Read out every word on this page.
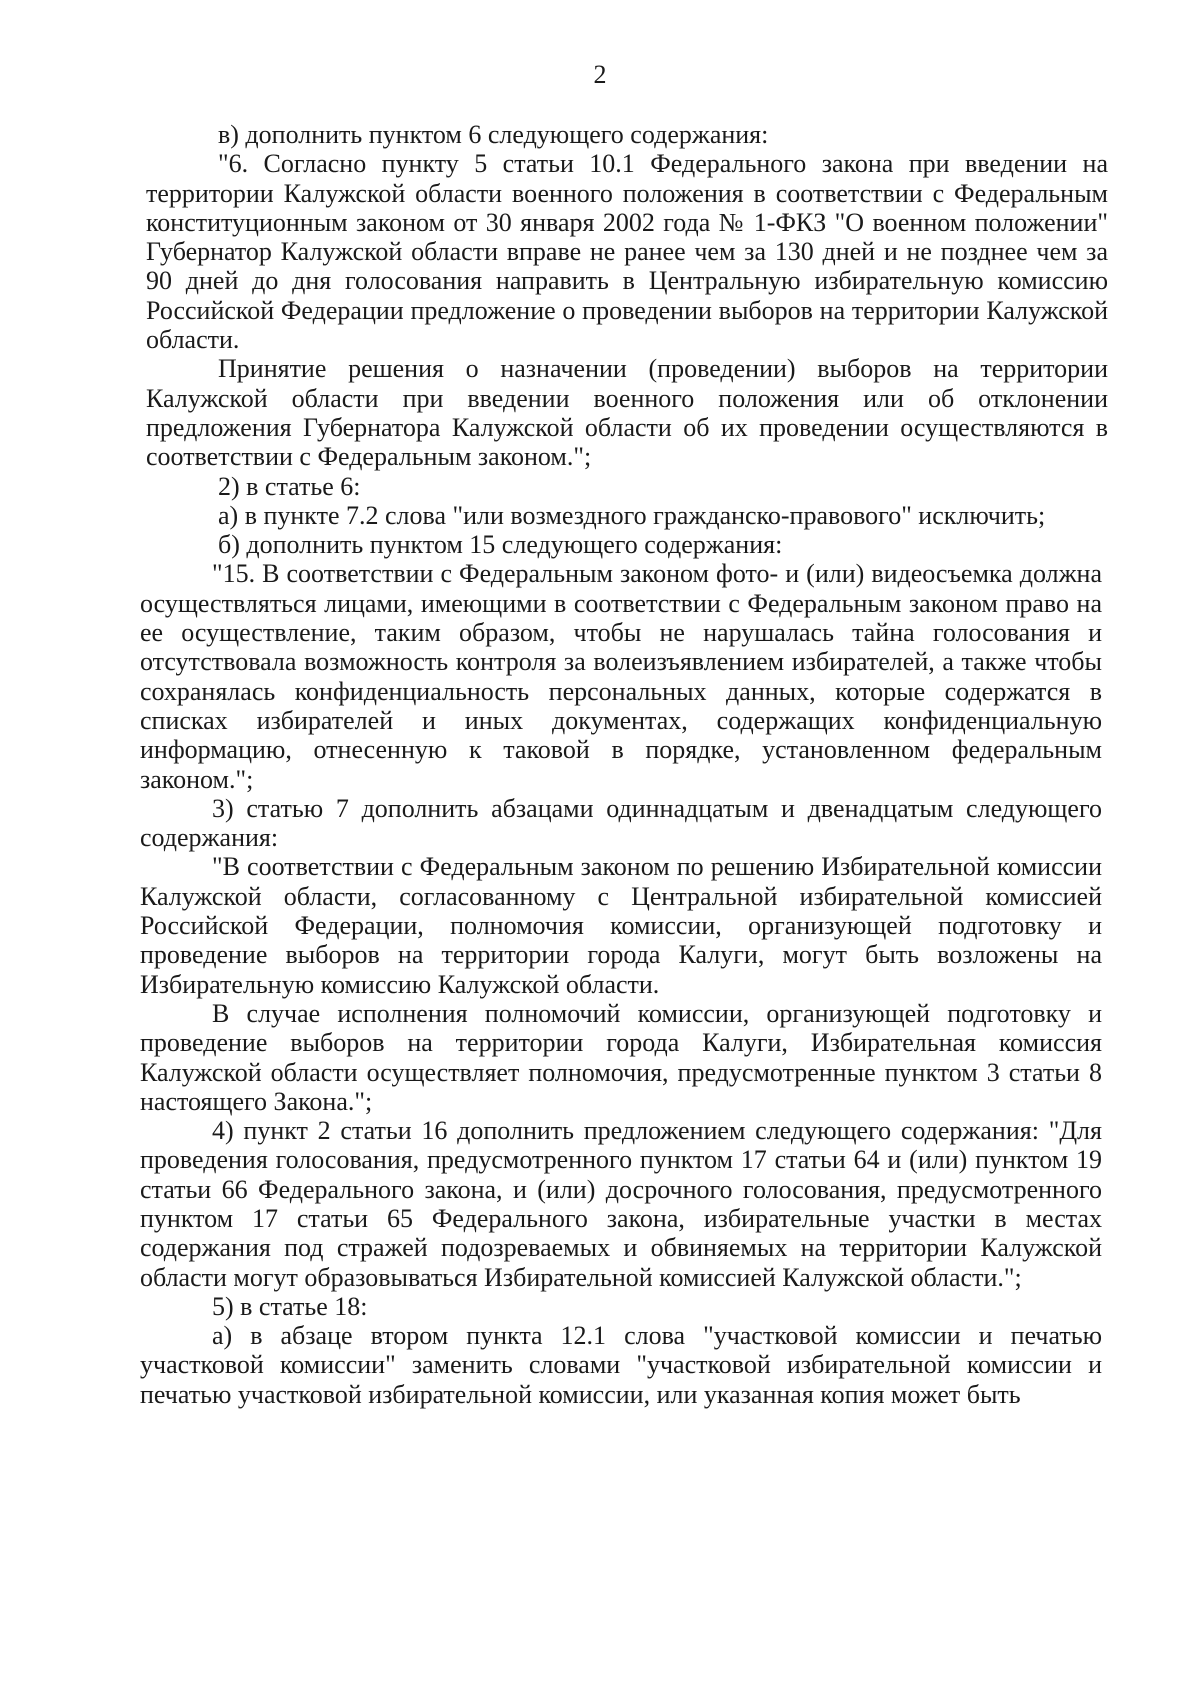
2

в) дополнить пунктом 6 следующего содержания:

"6. Согласно пункту 5 статьи 10.1 Федерального закона при введении на территории Калужской области военного положения в соответствии с Федеральным конституционным законом от 30 января 2002 года № 1-ФКЗ "О военном положении" Губернатор Калужской области вправе не ранее чем за 130 дней и не позднее чем за 90 дней до дня голосования направить в Центральную избирательную комиссию Российской Федерации предложение о проведении выборов на территории Калужской области.

Принятие решения о назначении (проведении) выборов на территории Калужской области при введении военного положения или об отклонении предложения Губернатора Калужской области об их проведении осуществляются в соответствии с Федеральным законом.";

2) в статье 6:

а) в пункте 7.2 слова "или возмездного гражданско-правового" исключить;

б) дополнить пунктом 15 следующего содержания:

"15. В соответствии с Федеральным законом фото- и (или) видеосъемка должна осуществляться лицами, имеющими в соответствии с Федеральным законом право на ее осуществление, таким образом, чтобы не нарушалась тайна голосования и отсутствовала возможность контроля за волеизъявлением избирателей, а также чтобы сохранялась конфиденциальность персональных данных, которые содержатся в списках избирателей и иных документах, содержащих конфиденциальную информацию, отнесенную к таковой в порядке, установленном федеральным законом.";

3) статью 7 дополнить абзацами одиннадцатым и двенадцатым следующего содержания:

"В соответствии с Федеральным законом по решению Избирательной комиссии Калужской области, согласованному с Центральной избирательной комиссией Российской Федерации, полномочия комиссии, организующей подготовку и проведение выборов на территории города Калуги, могут быть возложены на Избирательную комиссию Калужской области.

В случае исполнения полномочий комиссии, организующей подготовку и проведение выборов на территории города Калуги, Избирательная комиссия Калужской области осуществляет полномочия, предусмотренные пунктом 3 статьи 8 настоящего Закона.";

4) пункт 2 статьи 16 дополнить предложением следующего содержания: "Для проведения голосования, предусмотренного пунктом 17 статьи 64 и (или) пунктом 19 статьи 66 Федерального закона, и (или) досрочного голосования, предусмотренного пунктом 17 статьи 65 Федерального закона, избирательные участки в местах содержания под стражей подозреваемых и обвиняемых на территории Калужской области могут образовываться Избирательной комиссией Калужской области.";

5) в статье 18:

а) в абзаце втором пункта 12.1 слова "участковой комиссии и печатью участковой комиссии" заменить словами "участковой избирательной комиссии и печатью участковой избирательной комиссии, или указанная копия может быть
